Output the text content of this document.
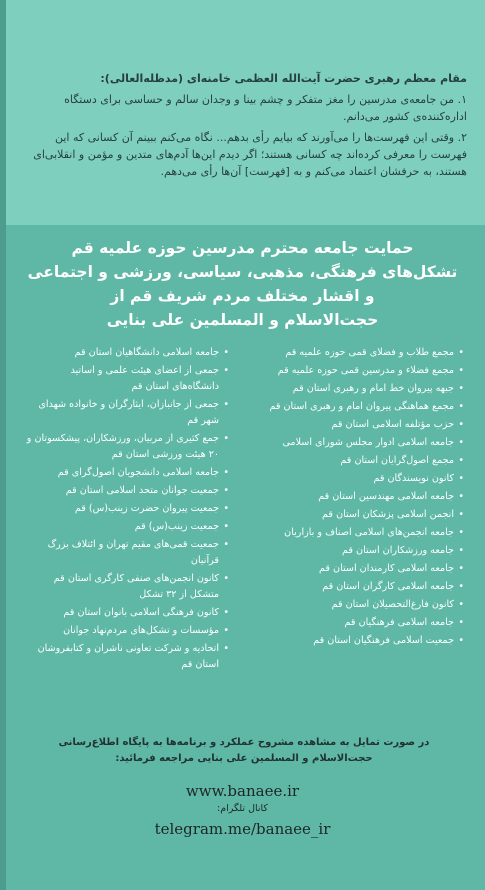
مقام معظم رهبری حضرت آیت‌الله العظمی خامنه‌ای (مدظله‌العالی):

۱. من جامعه‌ی مدرسین را مغز متفکر و چشم بینا و وجدان سالم و حساسی برای دستگاه اداره‌کننده‌ی کشور می‌دانم.

۲. وقتی این فهرست‌ها را می‌آورند که بیایم رأی بدهم... نگاه می‌کنم ببینم آن کسانی که این فهرست را معرفی کرده‌اند چه کسانی هستند؛ اگر دیدم این‌ها آدم‌های متدین و مؤمن و انقلابی‌ای هستند، به حرفشان اعتماد می‌کنم و به [فهرست] آن‌ها رأی می‌دهم.

حمایت جامعه محترم مدرسین حوزه علمیه قم
تشکل‌های فرهنگی، مذهبی، سیاسی، ورزشی و اجتماعی
و اقشار مختلف مردم شریف قم از
حجت‌الاسلام و المسلمین علی بنایی
• مجمع طلاب و فضلای قمی حوزه علمیه قم
• مجمع فضلاء و مدرسین قمی حوزه علمیه قم
• جبهه پیروان خط امام و رهبری استان قم
• مجمع هماهنگی پیروان امام و رهبری استان قم
• حزب مؤتلفه اسلامی استان قم
• جامعه اسلامی ادوار مجلس شورای اسلامی
• مجمع اصول‌گرایان استان قم
• کانون نویسندگان قم
• جامعه اسلامی مهندسین استان قم
• انجمن اسلامی پزشکان استان قم
• جامعه انجمن‌های اسلامی اصناف و بازاریان
• جامعه ورزشکاران استان قم
• جامعه اسلامی کارمندان استان قم
• جامعه اسلامی کارگران استان قم
• کانون فارغ‌التحصیلان استان قم
• جامعه اسلامی فرهنگیان قم
• جمعیت اسلامی فرهنگیان استان قم
• جامعه اسلامی دانشگاهیان استان قم
• جمعی از اعضای هیئت علمی و اساتید دانشگاه‌های استان قم
• جمعی از جانبازان، ایثارگران و خانواده شهدای شهر قم
• جمع کثیری از مربیان، ورزشکاران، پیشکسوتان و ۲۰ هیئت ورزشی استان قم
• جامعه اسلامی دانشجویان اصول‌گرای قم
• جمعیت جوانان متحد اسلامی استان قم
• جمعیت پیروان حضرت زینب(س) قم
• جمعیت زینب(س) قم
• جمعیت قمی‌های مقیم تهران و ائتلاف بزرگ قرآنیان
• کانون انجمن‌های صنفی کارگری استان قم متشکل از ۳۲ تشکل
• کانون فرهنگی اسلامی بانوان استان قم
• مؤسسات و تشکل‌های مردم‌نهاد جوانان
• اتحادیه و شرکت تعاونی ناشران و کتابفروشان استان قم
در صورت تمایل به مشاهده مشروح عملکرد و برنامه‌ها به پایگاه اطلاع‌رسانی
حجت‌الاسلام و المسلمین علی بنایی مراجعه فرمائید:
www.banaee.ir
کانال تلگرام:
telegram.me/banaee_ir
